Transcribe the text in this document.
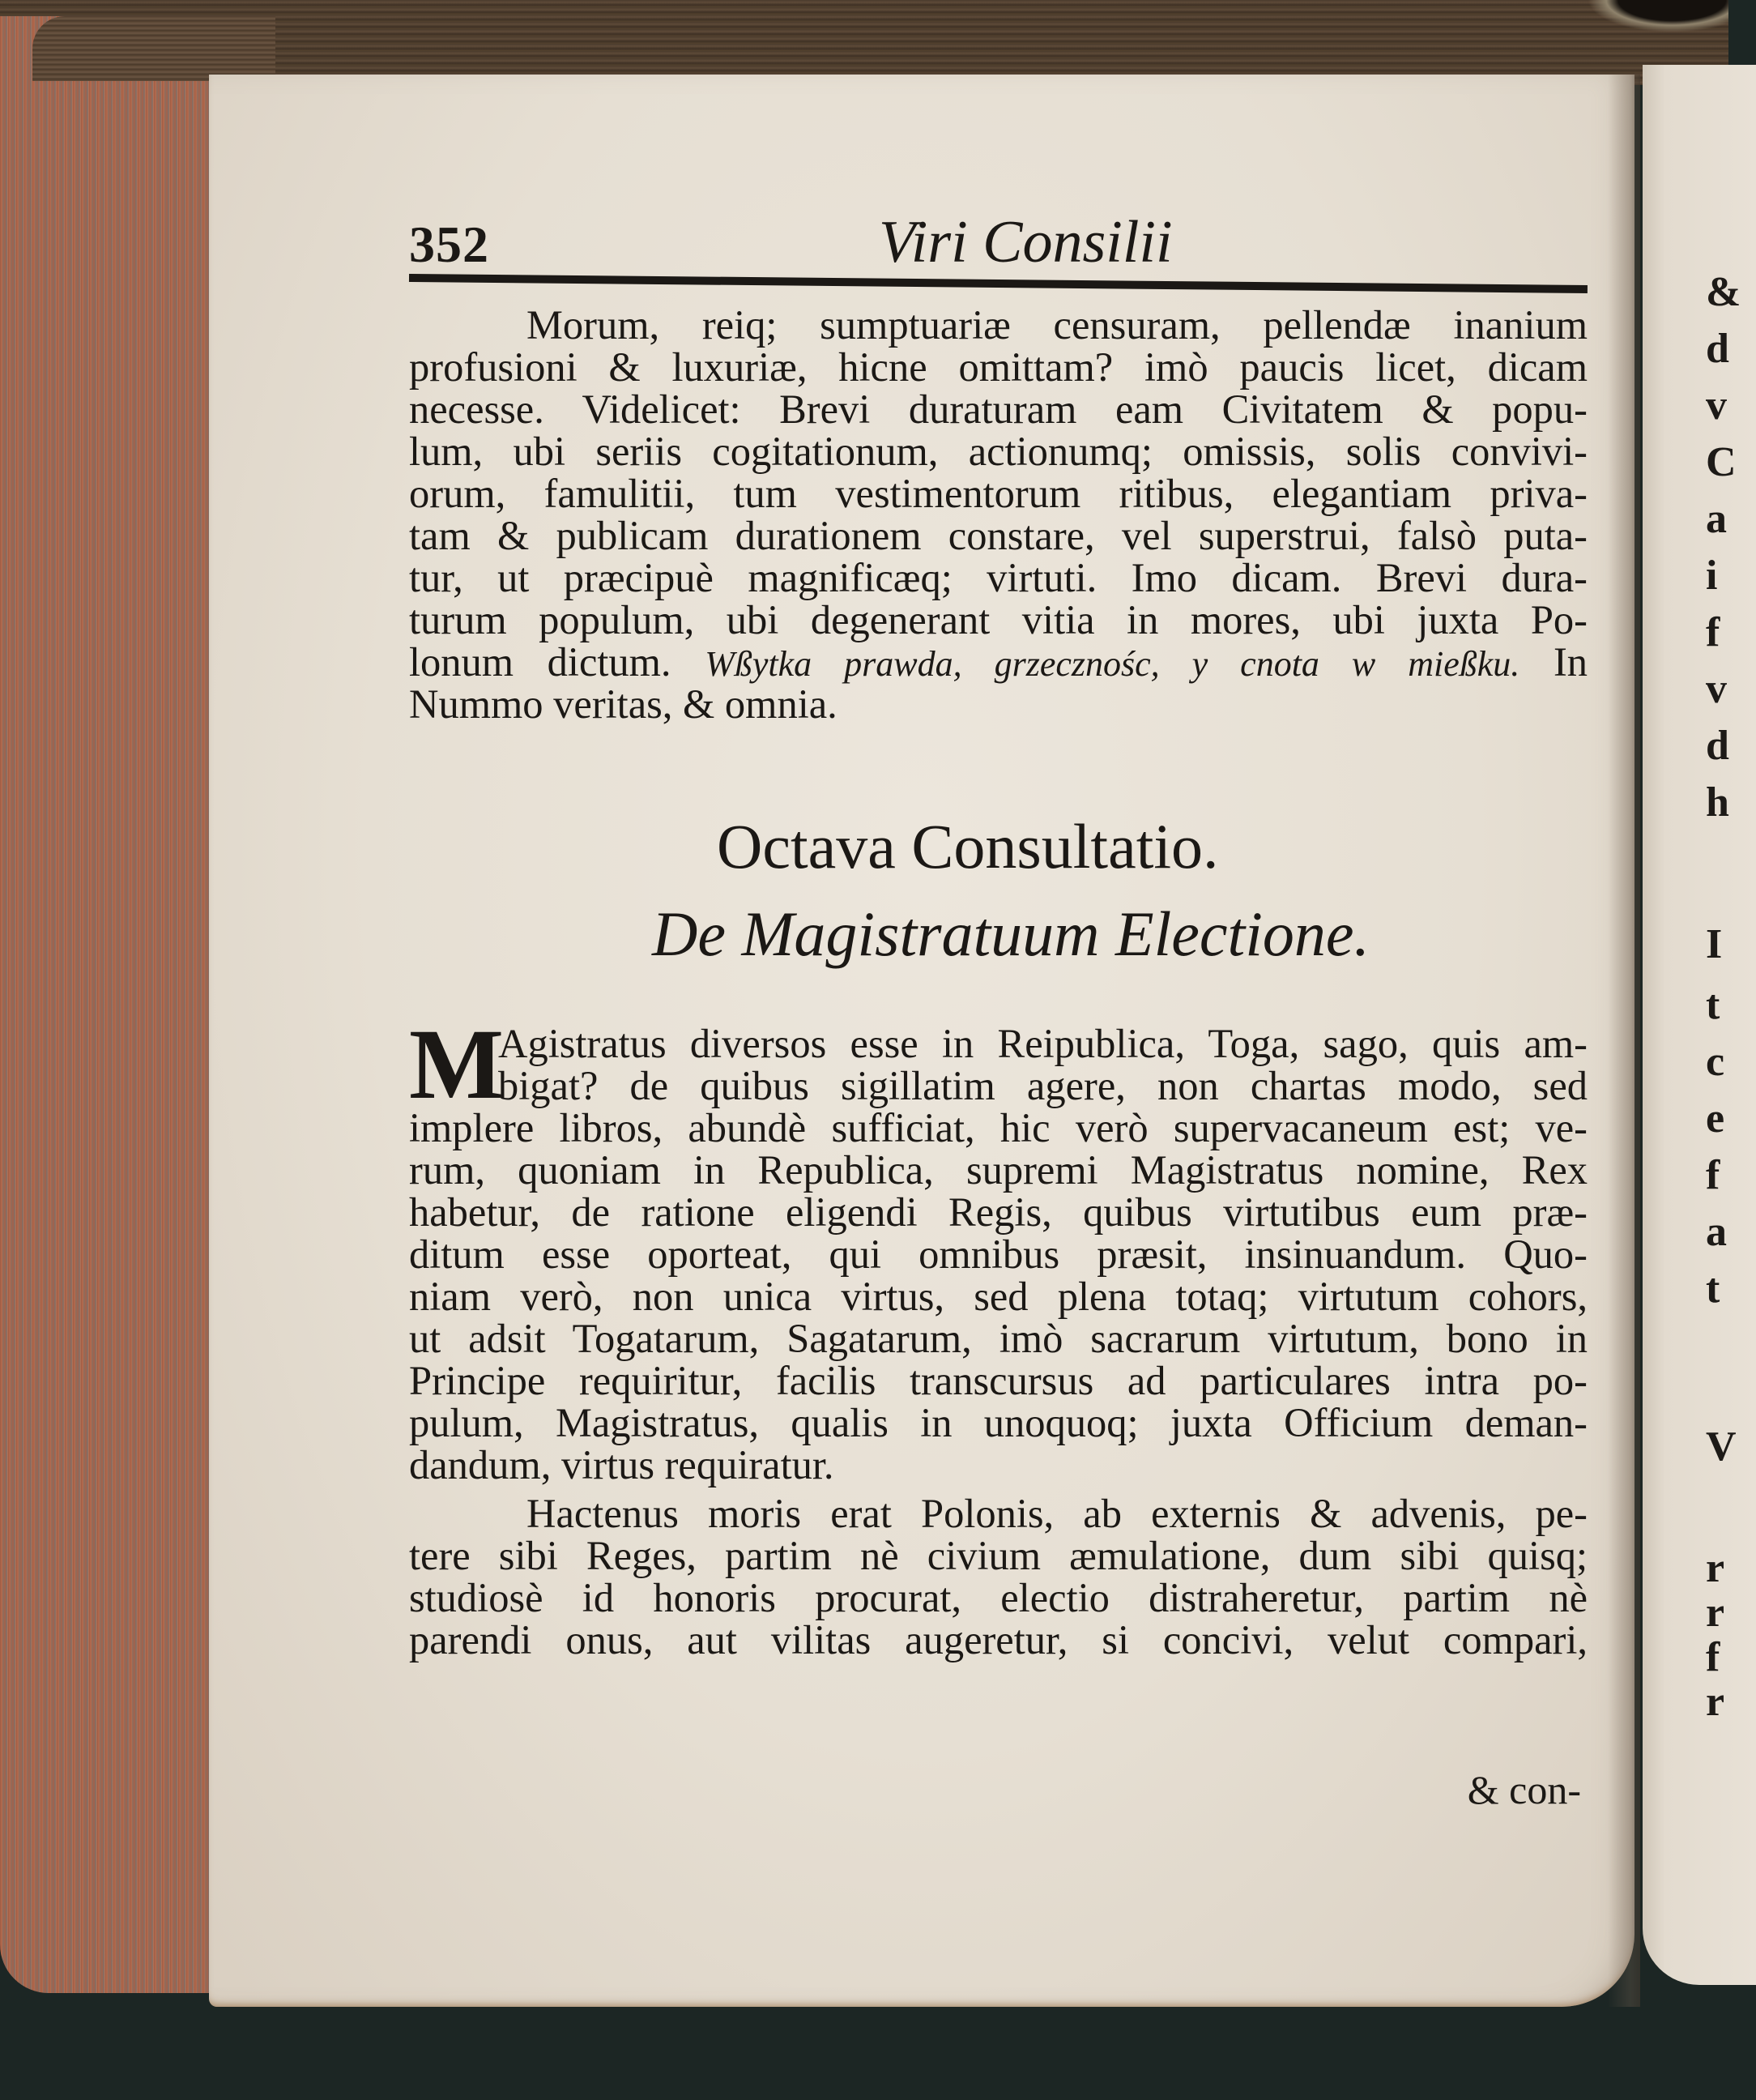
&
d
v
C
a
i
f
v
d
h
I
t
c
e
f
a
t
V
r
r
f
r
352	Viri Consilii
Morum, reiq; sumptuariæ censuram, pellendæ inanium
profusioni & luxuriæ, hicne omittam? imò paucis licet, dicam
necesse. Videlicet: Brevi duraturam eam Civitatem & popu-
lum, ubi seriis cogitationum, actionumq; omissis, solis convivi-
orum, famulitii, tum vestimentorum ritibus, elegantiam priva-
tam & publicam durationem constare, vel superstrui, falsò puta-
tur, ut præcipuè magnificæq; virtuti. Imo dicam. Brevi dura-
turum populum, ubi degenerant vitia in mores, ubi juxta Po-
lonum dictum. Wßytka prawda, grzecznośc, y cnota w mießku. In
Nummo veritas, & omnia.
Octava Consultatio.
De Magistratuum Electione.
M
Agistratus diversos esse in Reipublica, Toga, sago, quis am-
bigat? de quibus sigillatim agere, non chartas modo, sed
implere libros, abundè sufficiat, hic verò supervacaneum est; ve-
rum, quoniam in Republica, supremi Magistratus nomine, Rex
habetur, de ratione eligendi Regis, quibus virtutibus eum præ-
ditum esse oporteat, qui omnibus præsit, insinuandum. Quo-
niam verò, non unica virtus, sed plena totaq; virtutum cohors,
ut adsit Togatarum, Sagatarum, imò sacrarum virtutum, bono in
Principe requiritur, facilis transcursus ad particulares intra po-
pulum, Magistratus, qualis in unoquoq; juxta Officium deman-
dandum, virtus requiratur.
Hactenus moris erat Polonis, ab externis & advenis, pe-
tere sibi Reges, partim nè civium æmulatione, dum sibi quisq;
studiosè id honoris procurat, electio distraheretur, partim nè
parendi onus, aut vilitas augeretur, si concivi, velut compari,
& con-
